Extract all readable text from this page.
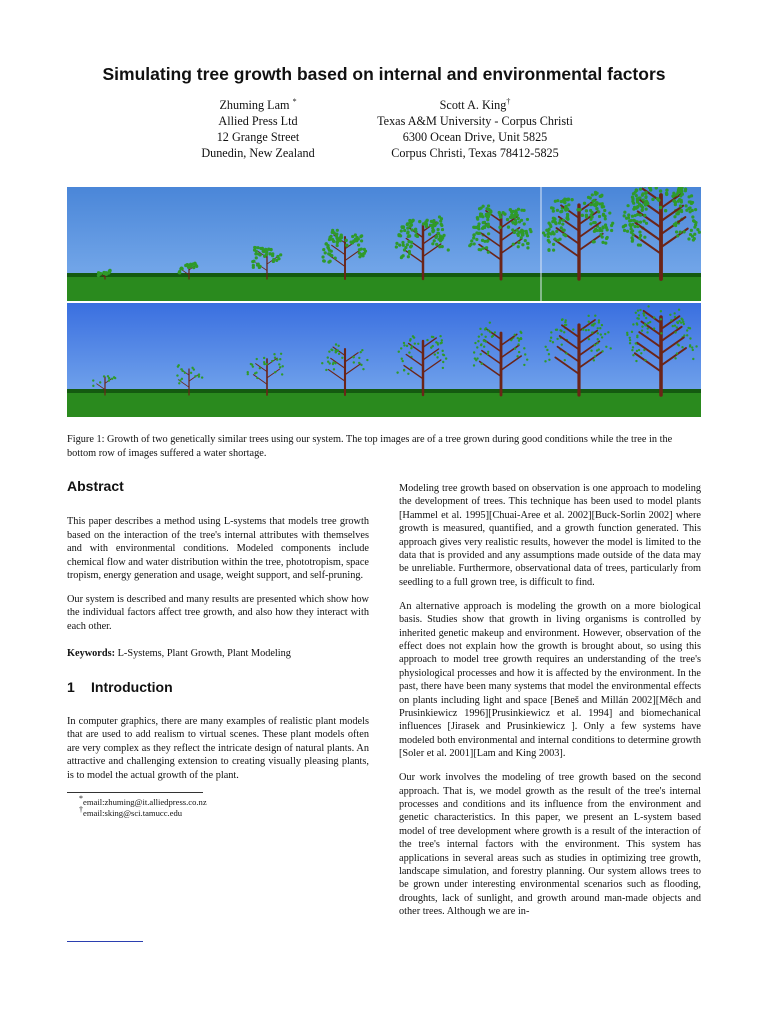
Simulating tree growth based on internal and environmental factors
Zhuming Lam *
Allied Press Ltd
12 Grange Street
Dunedin, New Zealand
Scott A. King†
Texas A&M University - Corpus Christi
6300 Ocean Drive, Unit 5825
Corpus Christi, Texas 78412-5825

Figure 1: Growth of two genetically similar trees using our system. The top images are of a tree grown during good conditions while the tree in the bottom row of images suffered a water shortage.

Abstract

This paper describes a method using L-systems that models tree growth based on the interaction of the tree's internal attributes with themselves and with environmental conditions. Modeled components include chemical flow and water distribution within the tree, phototropism, space tropism, energy generation and usage, weight support, and self-pruning.

Our system is described and many results are presented which show how the individual factors affect tree growth, and also how they interact with each other.

Keywords: L-Systems, Plant Growth, Plant Modeling

1 Introduction

In computer graphics, there are many examples of realistic plant models that are used to add realism to virtual scenes. These plant models often are very complex as they reflect the intricate design of natural plants. An attractive and challenging extension to creating visually pleasing plants, is to model the actual growth of the plant.

*email:zhuming@it.alliedpress.co.nz
†email:sking@sci.tamucc.edu

Modeling tree growth based on observation is one approach to modeling the development of trees. This technique has been used to model plants [Hammel et al. 1995][Chuai-Aree et al. 2002][Buck-Sorlin 2002] where growth is measured, quantified, and a growth function generated. This approach gives very realistic results, however the model is limited to the data that is provided and any assumptions made outside of the data may be unreliable. Furthermore, observational data of trees, particularly from seedling to a full grown tree, is difficult to find.

An alternative approach is modeling the growth on a more biological basis. Studies show that growth in living organisms is controlled by inherited genetic makeup and environment. However, observation of the effect does not explain how the growth is brought about, so using this approach to model tree growth requires an understanding of the tree's physiological processes and how it is affected by the environment. In the past, there have been many systems that model the environmental effects on plants including light and space [Beneš and Millán 2002][Měch and Prusinkiewicz 1996][Prusinkiewicz et al. 1994] and biomechanical influences [Jirasek and Prusinkiewicz ]. Only a few systems have modeled both environmental and internal conditions to determine growth [Soler et al. 2001][Lam and King 2003].

Our work involves the modeling of tree growth based on the second approach. That is, we model growth as the result of the tree's internal processes and conditions and its influence from the environment and genetic characteristics. In this paper, we present an L-system based model of tree development where growth is a result of the interaction of the tree's internal factors with the environment. This system has applications in several areas such as studies in optimizing tree growth, landscape simulation, and forestry planning. Our system allows trees to be grown under interesting environmental scenarios such as flooding, droughts, lack of sunlight, and growth around man-made objects and other trees. Although we are in-
